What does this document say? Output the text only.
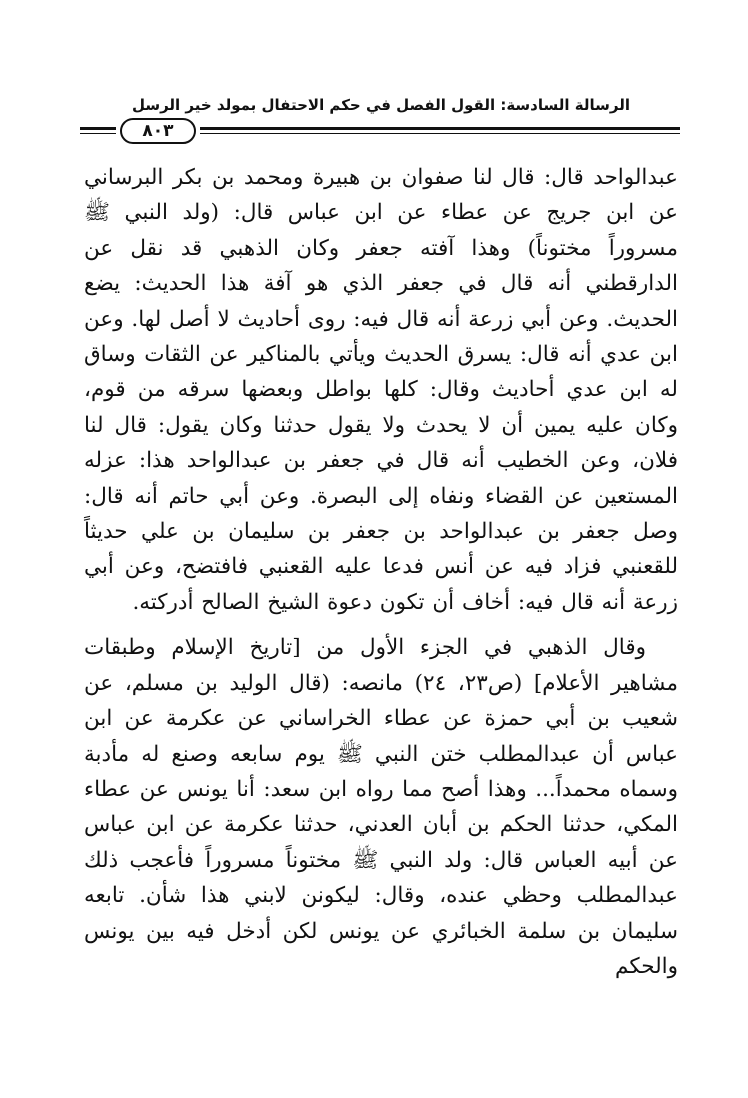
الرسالة السادسة: القول الفصل في حكم الاحتفال بمولد خير الرسل
٨٠٣

عبدالواحد قال: قال لنا صفوان بن هبيرة ومحمد بن بكر البرساني عن ابن جريج عن عطاء عن ابن عباس قال: (ولد النبي ﷺ مسروراً مختوناً) وهذا آفته جعفر وكان الذهبي قد نقل عن الدارقطني أنه قال في جعفر الذي هو آفة هذا الحديث: يضع الحديث. وعن أبي زرعة أنه قال فيه: روى أحاديث لا أصل لها. وعن ابن عدي أنه قال: يسرق الحديث ويأتي بالمناكير عن الثقات وساق له ابن عدي أحاديث وقال: كلها بواطل وبعضها سرقه من قوم، وكان عليه يمين أن لا يحدث ولا يقول حدثنا وكان يقول: قال لنا فلان، وعن الخطيب أنه قال في جعفر بن عبدالواحد هذا: عزله المستعين عن القضاء ونفاه إلى البصرة. وعن أبي حاتم أنه قال: وصل جعفر بن عبدالواحد بن جعفر بن سليمان بن علي حديثاً للقعنبي فزاد فيه عن أنس فدعا عليه القعنبي فافتضح، وعن أبي زرعة أنه قال فيه: أخاف أن تكون دعوة الشيخ الصالح أدركته.

وقال الذهبي في الجزء الأول من [تاريخ الإسلام وطبقات مشاهير الأعلام] (ص٢٣، ٢٤) مانصه: (قال الوليد بن مسلم، عن شعيب بن أبي حمزة عن عطاء الخراساني عن عكرمة عن ابن عباس أن عبدالمطلب ختن النبي ﷺ يوم سابعه وصنع له مأدبة وسماه محمداً... وهذا أصح مما رواه ابن سعد: أنا يونس عن عطاء المكي، حدثنا الحكم بن أبان العدني، حدثنا عكرمة عن ابن عباس عن أبيه العباس قال: ولد النبي ﷺ مختوناً مسروراً فأعجب ذلك عبدالمطلب وحظي عنده، وقال: ليكونن لابني هذا شأن. تابعه سليمان بن سلمة الخبائري عن يونس لكن أدخل فيه بين يونس والحكم
